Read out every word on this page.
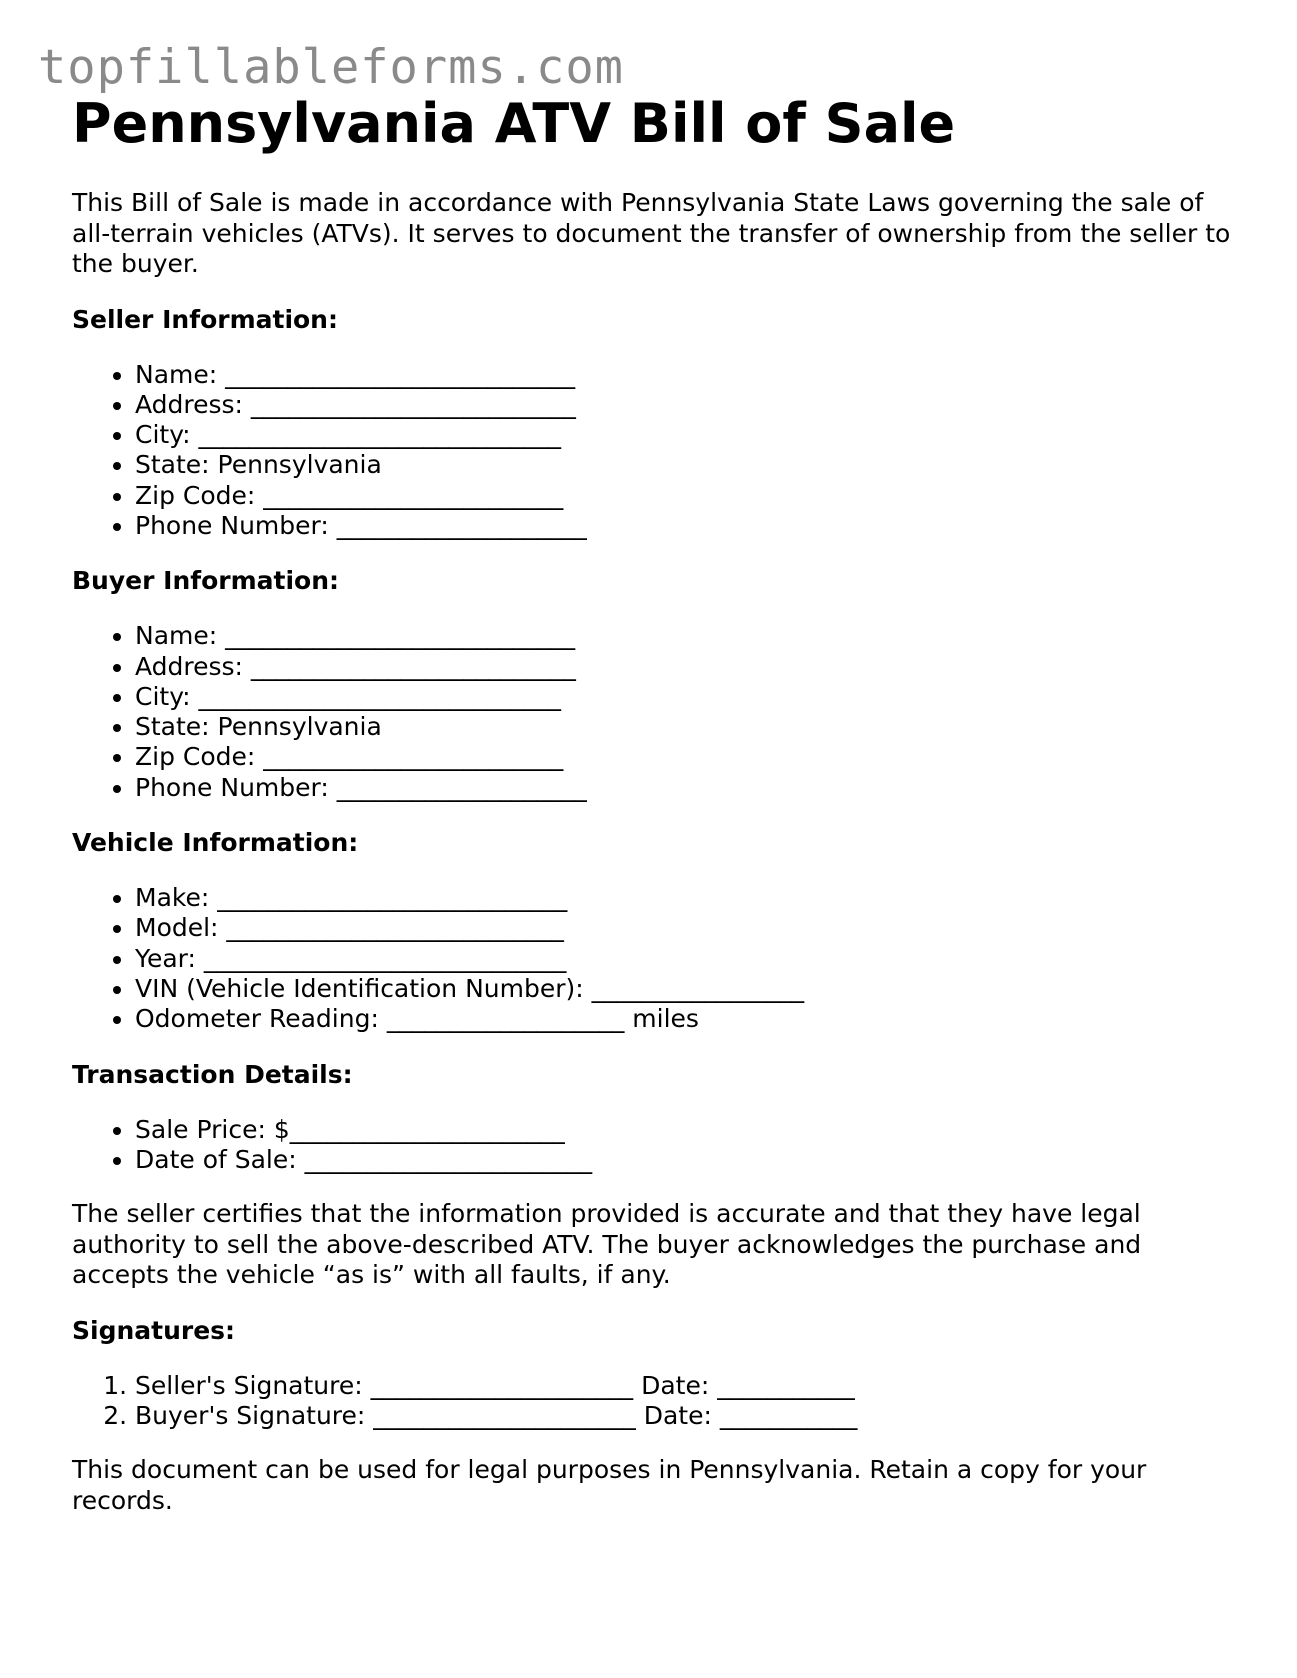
topfillableforms.com
Pennsylvania ATV Bill of Sale

This Bill of Sale is made in accordance with Pennsylvania State Laws governing the sale of all-terrain vehicles (ATVs). It serves to document the transfer of ownership from the seller to the buyer.

Seller Information:
• Name: ____________________________
• Address: __________________________
• City: _____________________________
• State: Pennsylvania
• Zip Code: ________________________
• Phone Number: ____________________
Buyer Information:
• Name: ____________________________
• Address: __________________________
• City: _____________________________
• State: Pennsylvania
• Zip Code: ________________________
• Phone Number: ____________________
Vehicle Information:
• Make: ____________________________
• Model: ___________________________
• Year: _____________________________
• VIN (Vehicle Identification Number): _________________
• Odometer Reading: ___________________ miles
Transaction Details:
• Sale Price: $______________________
• Date of Sale: _______________________

The seller certifies that the information provided is accurate and that they have legal authority to sell the above-described ATV. The buyer acknowledges the purchase and accepts the vehicle “as is” with all faults, if any.

Signatures:
1. Seller's Signature: _____________________ Date: ___________
2. Buyer's Signature: _____________________ Date: ___________

This document can be used for legal purposes in Pennsylvania. Retain a copy for your records.
